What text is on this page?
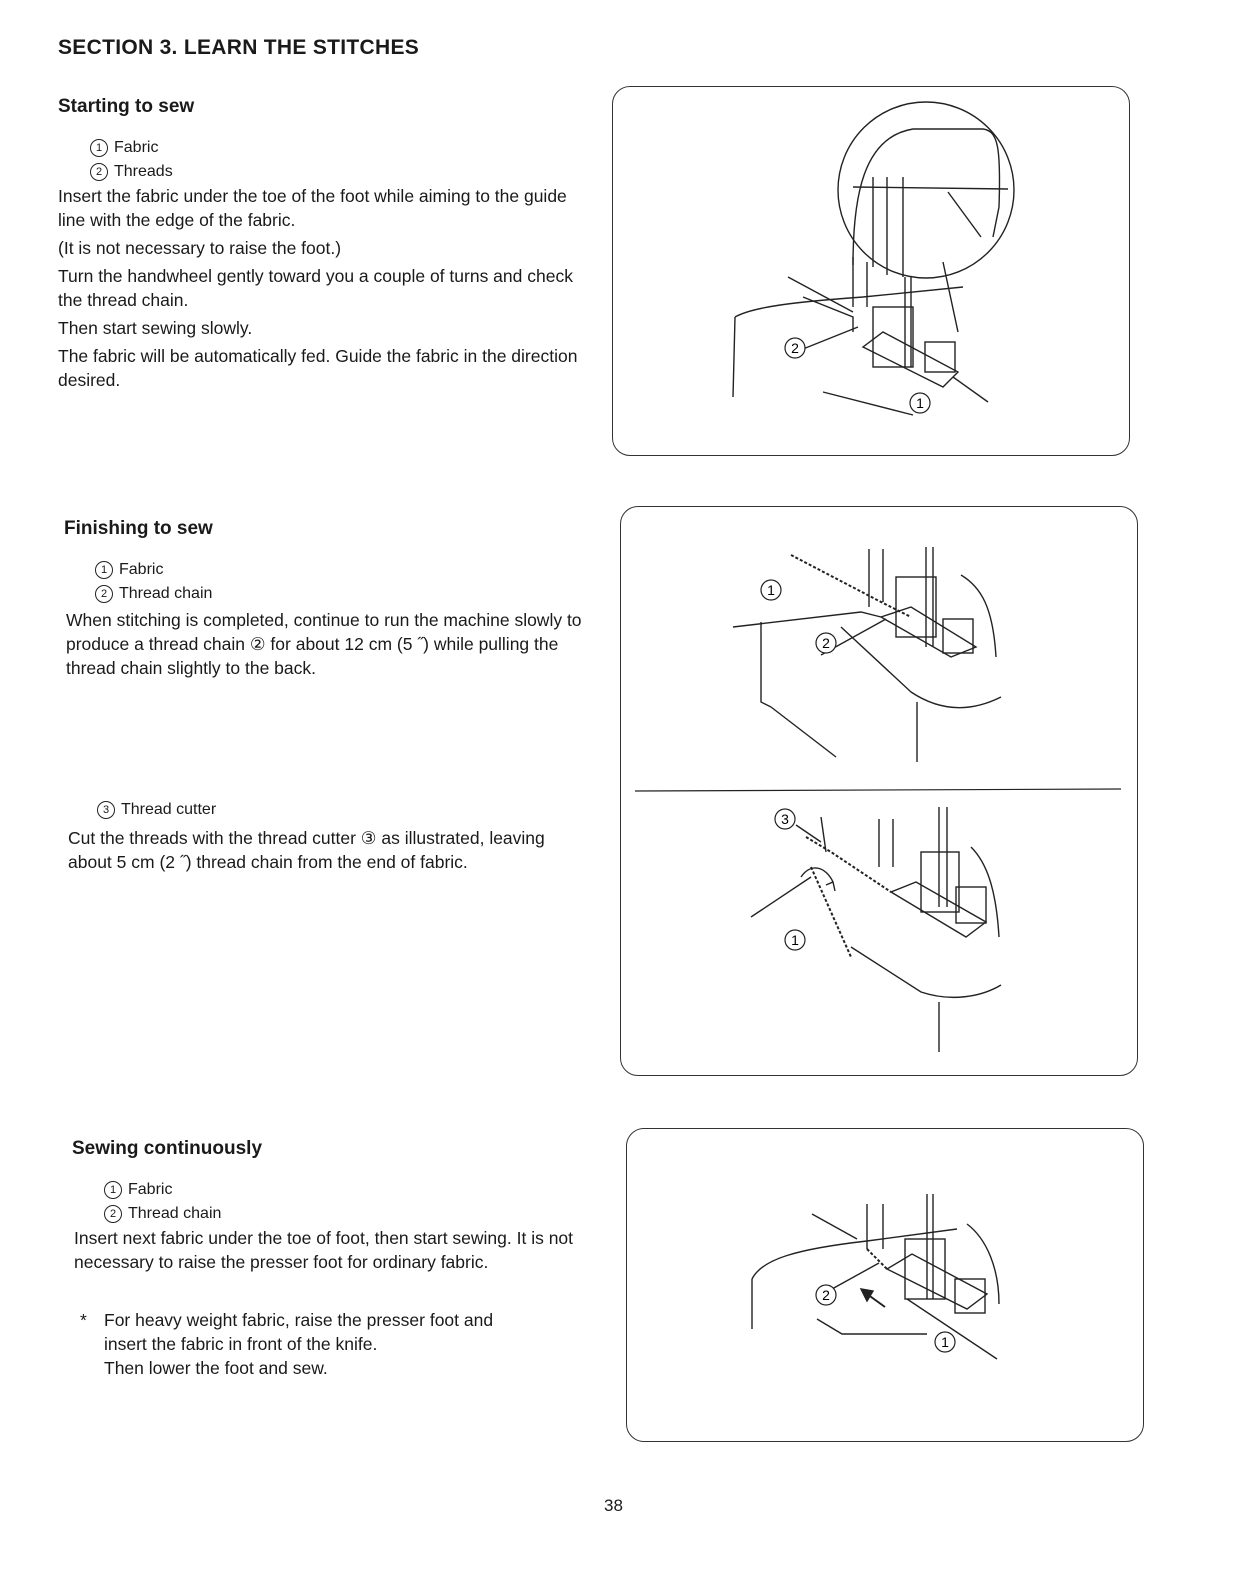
SECTION 3. LEARN THE STITCHES
Starting to sew
1 Fabric
2 Threads

Insert the fabric under the toe of the foot while aiming to the guide line with the edge of the fabric.

(It is not necessary to raise the foot.)

Turn the handwheel gently toward you a couple of turns and check the thread chain.

Then start sewing slowly.

The fabric will be automatically fed. Guide the fabric in the direction desired.

2
1
Finishing to sew
1 Fabric
2 Thread chain

When stitching is completed, continue to run the machine slowly to produce a thread chain ② for about 12 cm (5 ˝) while pulling the thread chain slightly to the back.

3 Thread cutter

Cut the threads with the thread cutter ③ as illustrated, leaving about 5 cm (2 ˝) thread chain from the end of fabric.

1
2
3
1
Sewing continuously
1 Fabric
2 Thread chain

Insert next fabric under the toe of foot, then start sewing. It is not necessary to raise the presser foot for ordinary fabric.

* For heavy weight fabric, raise the presser foot and
insert the fabric in front of the knife.
Then lower the foot and sew.
2
1
38
